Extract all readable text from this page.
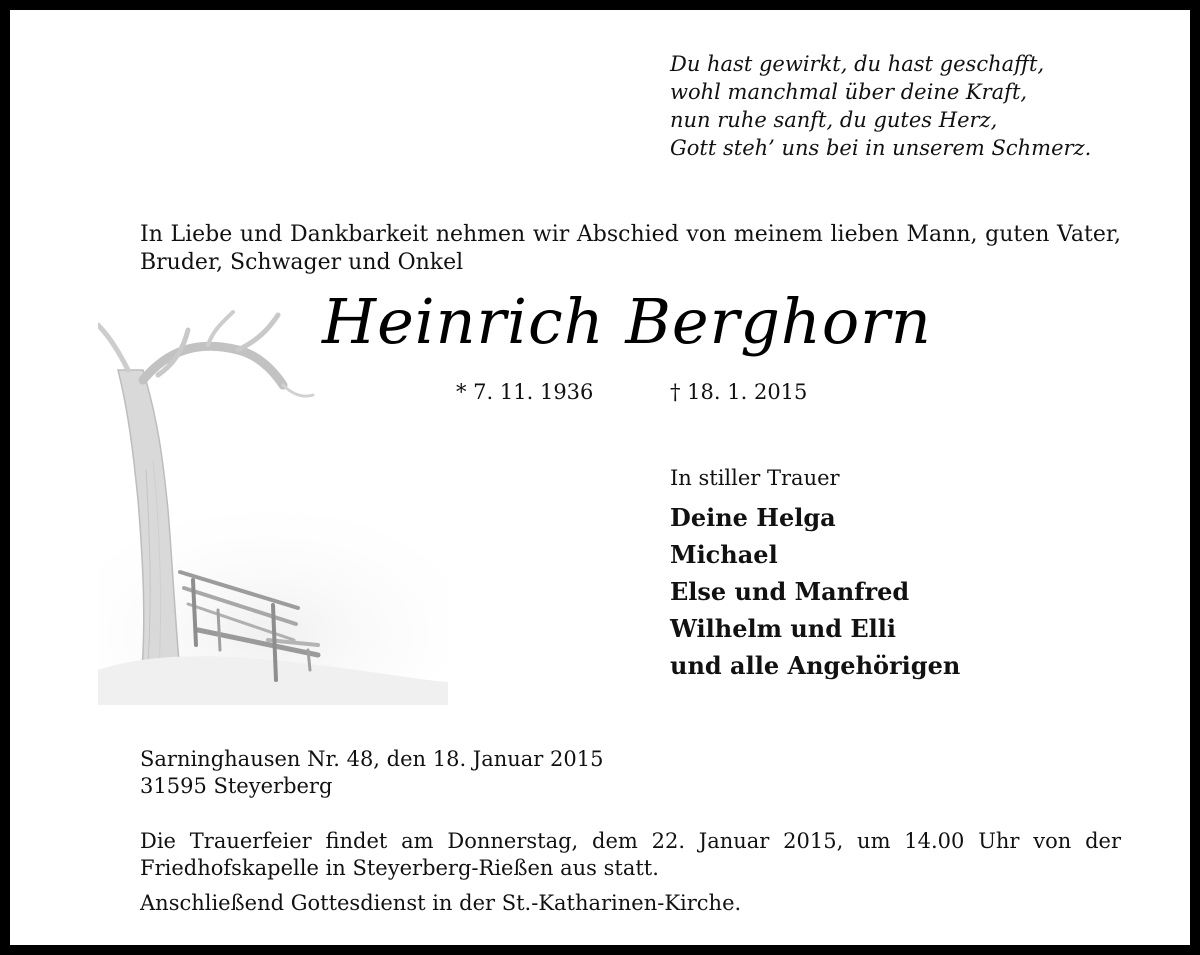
Du hast gewirkt, du hast geschafft,
wohl manchmal über deine Kraft,
nun ruhe sanft, du gutes Herz,
Gott steh’ uns bei in unserem Schmerz.
In Liebe und Dankbarkeit nehmen wir Abschied von meinem lieben Mann, guten Vater, Bruder, Schwager und Onkel
Heinrich Berghorn
* 7. 11. 1936	† 18. 1. 2015
In stiller Trauer
Deine Helga
Michael
Else und Manfred
Wilhelm und Elli
und alle Angehörigen
Sarninghausen Nr. 48, den 18. Januar 2015
31595 Steyerberg
Die Trauerfeier findet am Donnerstag, dem 22. Januar 2015, um 14.00 Uhr von der Friedhofskapelle in Steyerberg-Rießen aus statt.
Anschließend Gottesdienst in der St.-Katharinen-Kirche.
